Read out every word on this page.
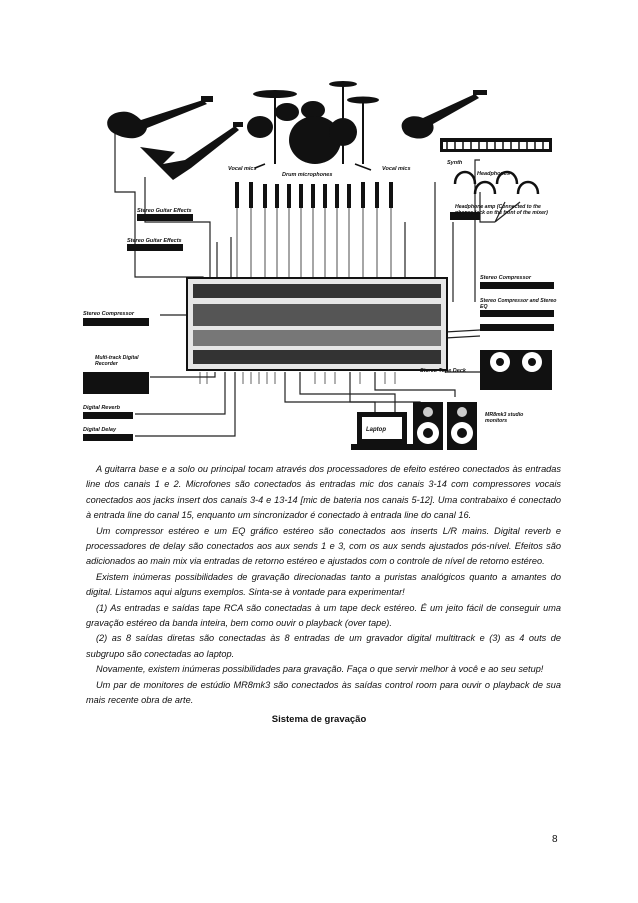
Vocal mics
Drum microphones
Vocal mics
Synth
Headphones
Headphone amp (Connected to the phones jack on the front of the mixer)
Stereo Guitar Effects
Stereo Guitar Effects
Stereo Compressor
Stereo Compressor
Stereo Compressor and Stereo EQ
Multi-track Digital Recorder
Stereo Tape Deck
Digital Reverb
Digital Delay	Laptop
MR8mk3 studio monitors

A guitarra base e a solo ou principal tocam através dos processadores de efeito estéreo conectados às entradas line dos canais 1 e 2. Microfones são conectados às entradas mic dos canais 3-14 com compressores vocais conectados aos jacks insert dos canais 3-4 e 13-14 [mic de bateria nos canais 5-12]. Uma contrabaixo é conectado à entrada line do canal 15, enquanto um sincronizador é conectado à entrada line do canal 16.

Um compressor estéreo e um EQ gráfico estéreo são conectados aos inserts L/R mains. Digital reverb e processadores de delay são conectados aos aux sends 1 e 3, com os aux sends ajustados pós-nível. Efeitos são adicionados ao main mix via entradas de retorno estéreo e ajustados com o controle de nível de retorno estéreo.

Existem inúmeras possibilidades de gravação direcionadas tanto a puristas analógicos quanto a amantes do digital. Listamos aqui alguns exemplos. Sinta-se à vontade para experimentar!

(1) As entradas e saídas tape RCA são conectadas à um tape deck estéreo. É um jeito fácil de conseguir uma gravação estéreo da banda inteira, bem como ouvir o playback (over tape).

(2) as 8 saídas diretas são conectadas às 8 entradas de um gravador digital multitrack e (3) as 4 outs de subgrupo são conectadas ao laptop.

Novamente, existem inúmeras possibilidades para gravação. Faça o que servir melhor à você e ao seu setup!

Um par de monitores de estúdio MR8mk3 são conectados às saídas control room para ouvir o playback de sua mais recente obra de arte.

Sistema de gravação
8
